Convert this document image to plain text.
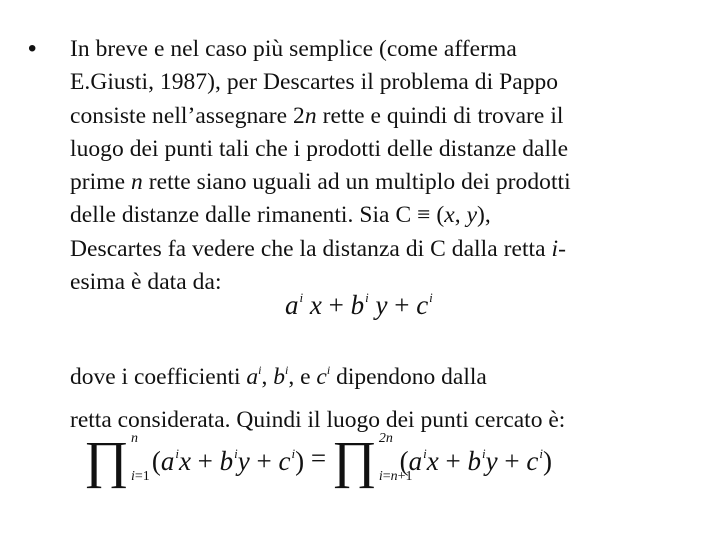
• In breve e nel caso più semplice (come afferma
E.Giusti, 1987), per Descartes il problema di Pappo
consiste nell’assegnare 2n rette e quindi di trovare il
luogo dei punti tali che i prodotti delle distanze dalle
prime n rette siano uguali ad un multiplo dei prodotti
delle distanze dalle rimanenti. Sia C ≡ (x, y),
Descartes fa vedere che la distanza di C dalla retta i-
esima è data da:

$a^i$ $x + b^i$ $y + c^i$

dove i coefficienti $a^i$, $b^i$, e $c^i$ dipendono dalla
retta considerata. Quindi il luogo dei punti cercato è:

∏ n
i=1
$(a^ix + b^iy + c^i)$ = ∏ 2n
i=n+1
$(a^ix + b^iy + c^i)$
